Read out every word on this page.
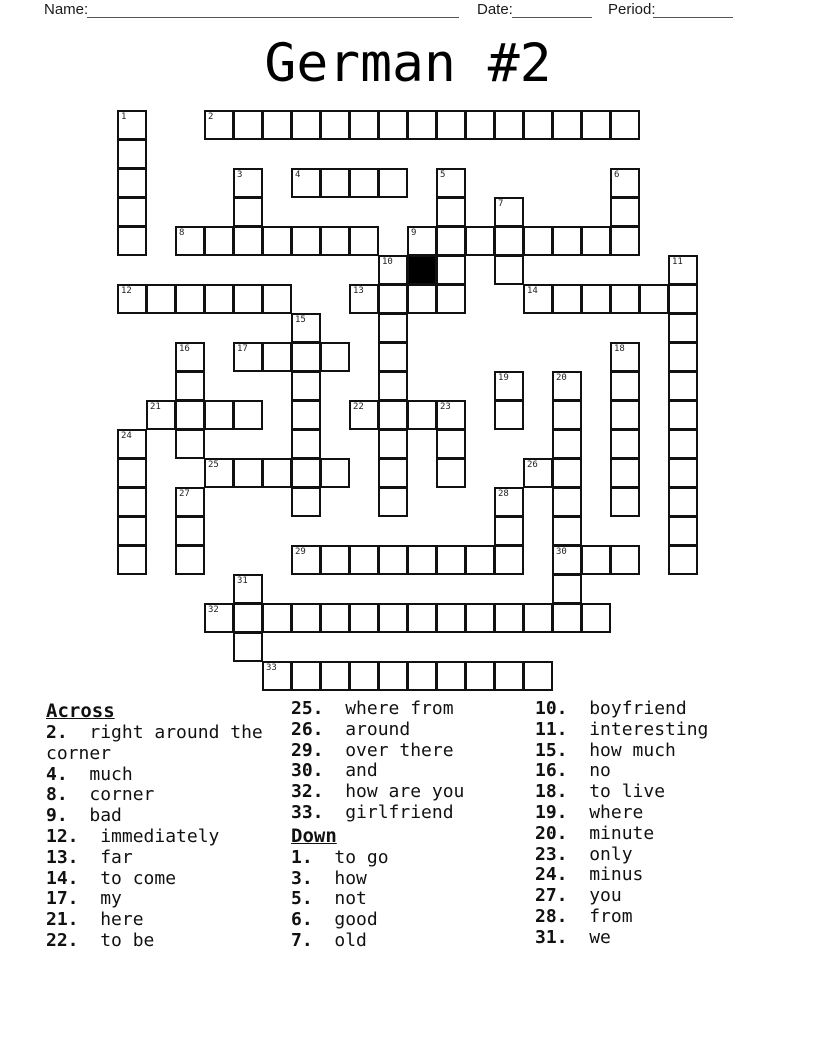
Name:	Date:	Period:
German #2
1	2
3	4	5	6
7
8	9
10	11
12	13	14
15
16	17	18
19	20
30
21	22	23
24
25	26
27	28
29
31
32
33
Across
2.  right around the corner
4.  much
8.  corner
9.  bad
12.  immediately
13.  far
14.  to come
17.  my
21.  here
22.  to be
25.  where from
26.  around
29.  over there
30.  and
32.  how are you
33.  girlfriend
Down
1.  to go
3.  how
5.  not
6.  good
7.  old
10.  boyfriend
11.  interesting
15.  how much
16.  no
18.  to live
19.  where
20.  minute
23.  only
24.  minus
27.  you
28.  from
31.  we
